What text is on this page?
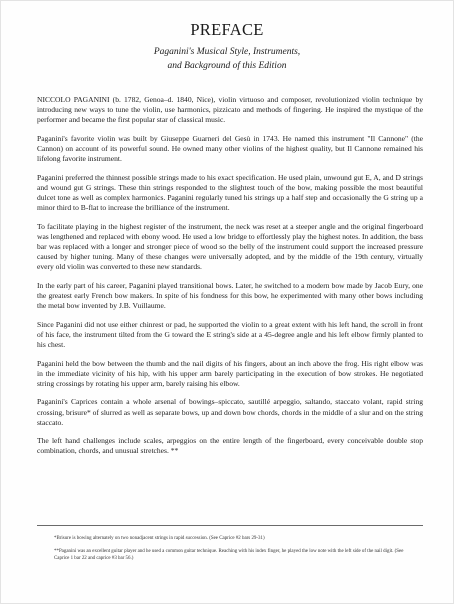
PREFACE
Paganini's Musical Style, Instruments,
and Background of this Edition

NICCOLO PAGANINI (b. 1782, Genoa–d. 1840, Nice), violin virtuoso and composer, revolutionized violin technique by introducing new ways to tune the violin, use harmonics, pizzicato and methods of fingering. He inspired the mystique of the performer and became the first popular star of classical music.

Paganini's favorite violin was built by Giuseppe Guarneri del Gesù in 1743. He named this instrument "Il Cannone" (the Cannon) on account of its powerful sound. He owned many other violins of the highest quality, but Il Cannone remained his lifelong favorite instrument.

Paganini preferred the thinnest possible strings made to his exact specification. He used plain, unwound gut E, A, and D strings and wound gut G strings. These thin strings responded to the slightest touch of the bow, making possible the most beautiful dulcet tone as well as complex harmonics. Paganini regularly tuned his strings up a half step and occasionally the G string up a minor third to B-flat to increase the brilliance of the instrument.

To facilitate playing in the highest register of the instrument, the neck was reset at a steeper angle and the original fingerboard was lengthened and replaced with ebony wood. He used a low bridge to effortlessly play the highest notes. In addition, the bass bar was replaced with a longer and stronger piece of wood so the belly of the instrument could support the increased pressure caused by higher tuning. Many of these changes were universally adopted, and by the middle of the 19th century, virtually every old violin was converted to these new standards.

In the early part of his career, Paganini played transitional bows. Later, he switched to a modern bow made by Jacob Eury, one the greatest early French bow makers. In spite of his fondness for this bow, he experimented with many other bows including the metal bow invented by J.B. Vuillaume.

Since Paganini did not use either chinrest or pad, he supported the violin to a great extent with his left hand, the scroll in front of his face, the instrument tilted from the G toward the E string's side at a 45-degree angle and his left elbow firmly planted to his chest.

Paganini held the bow between the thumb and the nail digits of his fingers, about an inch above the frog. His right elbow was in the immediate vicinity of his hip, with his upper arm barely participating in the execution of bow strokes. He negotiated string crossings by rotating his upper arm, barely raising his elbow.

Paganini's Caprices contain a whole arsenal of bowings–spiccato, sautillé arpeggio, saltando, staccato volant, rapid string crossing, brisure* of slurred as well as separate bows, up and down bow chords, chords in the middle of a slur and on the string staccato.

The left hand challenges include scales, arpeggios on the entire length of the fingerboard, every conceivable double stop combination, chords, and unusual stretches. **

*Brisure is bowing alternately on two nonadjacent strings in rapid succession. (See Caprice #2 bars 29-31)

**Paganini was an excellent guitar player and he used a common guitar technique. Reaching with his index finger, he played the low note with the left side of the nail digit. (See Caprice 1 bar 22 and caprice #3 bar 56.)
